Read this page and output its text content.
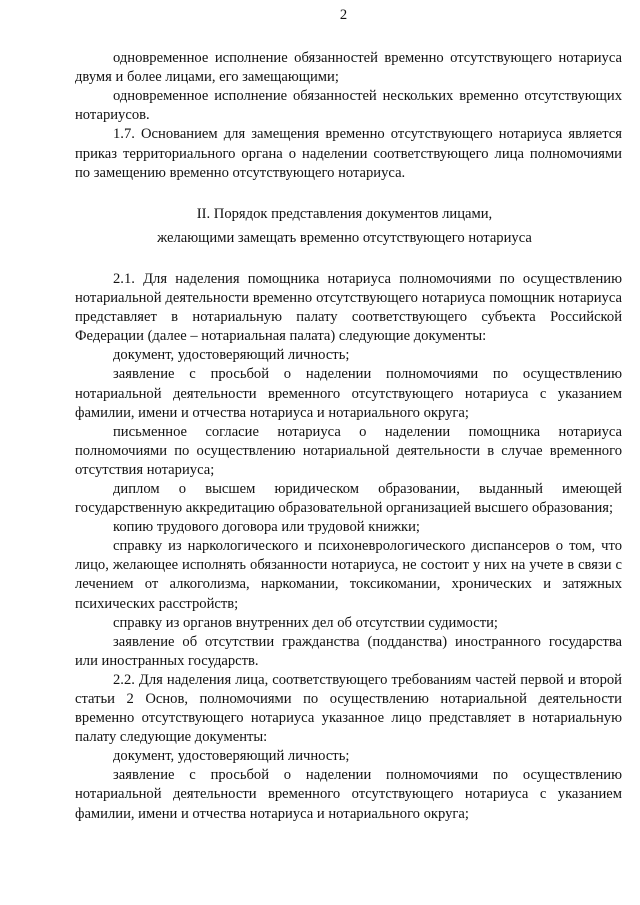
2

одновременное исполнение обязанностей временно отсутствующего нотариуса двумя и более лицами, его замещающими;

одновременное исполнение обязанностей нескольких временно отсутствующих нотариусов.

1.7. Основанием для замещения временно отсутствующего нотариуса является приказ территориального органа о наделении соответствующего лица полномочиями по замещению временно отсутствующего нотариуса.

II. Порядок представления документов лицами,
желающими замещать временно отсутствующего нотариуса

2.1. Для наделения помощника нотариуса полномочиями по осуществлению нотариальной деятельности временно отсутствующего нотариуса помощник нотариуса представляет в нотариальную палату соответствующего субъекта Российской Федерации (далее – нотариальная палата) следующие документы:

документ, удостоверяющий личность;

заявление с просьбой о наделении полномочиями по осуществлению нотариальной деятельности временного отсутствующего нотариуса с указанием фамилии, имени и отчества нотариуса и нотариального округа;

письменное согласие нотариуса о наделении помощника нотариуса полномочиями по осуществлению нотариальной деятельности в случае временного отсутствия нотариуса;

диплом о высшем юридическом образовании, выданный имеющей государственную аккредитацию образовательной организацией высшего образования;

копию трудового договора или трудовой книжки;

справку из наркологического и психоневрологического диспансеров о том, что лицо, желающее исполнять обязанности нотариуса, не состоит у них на учете в связи с лечением от алкоголизма, наркомании, токсикомании, хронических и затяжных психических расстройств;

справку из органов внутренних дел об отсутствии судимости;

заявление об отсутствии гражданства (подданства) иностранного государства или иностранных государств.

2.2. Для наделения лица, соответствующего требованиям частей первой и второй статьи 2 Основ, полномочиями по осуществлению нотариальной деятельности временно отсутствующего нотариуса указанное лицо представляет в нотариальную палату следующие документы:

документ, удостоверяющий личность;

заявление с просьбой о наделении полномочиями по осуществлению нотариальной деятельности временного отсутствующего нотариуса с указанием фамилии, имени и отчества нотариуса и нотариального округа;
